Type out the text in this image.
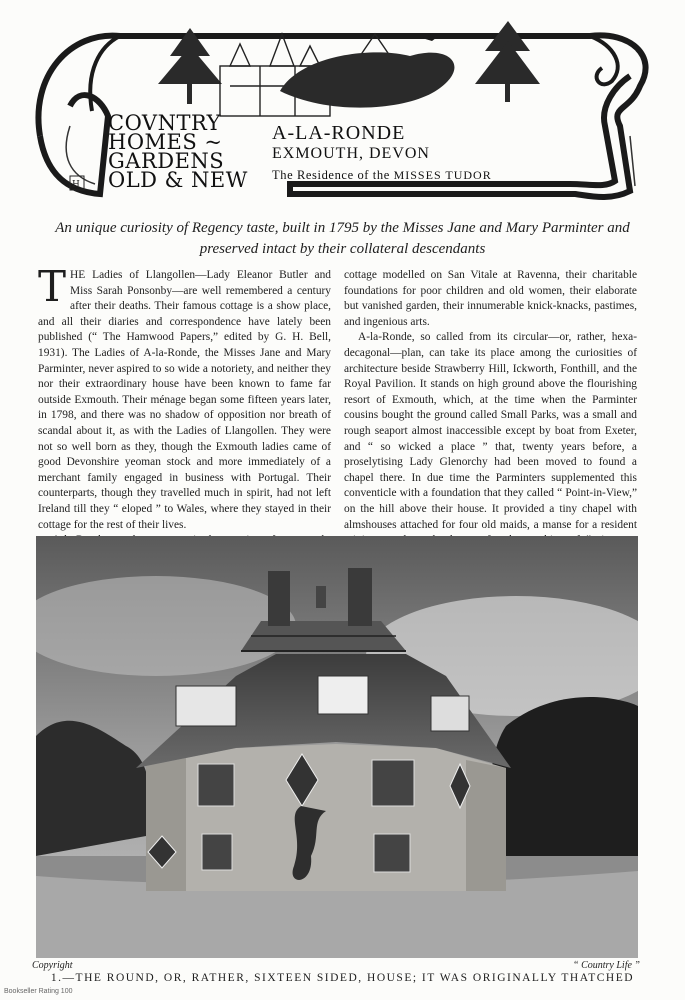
H
COVNTRY
HOMES ~
GARDENS
OLD & NEW
A-LA-RONDE
EXMOUTH, DEVON
The Residence of the MISSES TUDOR
An unique curiosity of Regency taste, built in 1795 by the Misses Jane and Mary Parminter and preserved intact by their collateral descendants

THE Ladies of Llangollen—Lady Eleanor Butler and Miss Sarah Ponsonby—are well remembered a century after their deaths. Their famous cottage is a show place, and all their diaries and correspondence have lately been published (“ The Hamwood Papers,” edited by G. H. Bell, 1931). The Ladies of A-la-Ronde, the Misses Jane and Mary Parminter, never aspired to so wide a notoriety, and neither they nor their extraordinary house have been known to fame far outside Exmouth. Their ménage began some fifteen years later, in 1798, and there was no shadow of opposition nor breath of scandal about it, as with the Ladies of Llangollen. They were not so well born as they, though the Exmouth ladies came of good Devonshire yeoman stock and more immediately of a merchant family engaged in business with Portugal. Their counterparts, though they travelled much in spirit, had not left Ireland till they “ eloped ” to Wales, where they stayed in their cottage for the rest of their lives.

cottage modelled on San Vitale at Ravenna, their charitable foundations for poor children and old women, their elaborate but vanished garden, their innumerable knick-knacks, pastimes, and ingenious arts.

A-la-Ronde, so called from its circular—or, rather, hexa-decagonal—plan, can take its place among the curiosities of architecture beside Strawberry Hill, Ickworth, Fonthill, and the Royal Pavilion. It stands on high ground above the flourishing resort of Exmouth, which, at the time when the Parminter cousins bought the ground called Small Parks, was a small and rough seaport almost inaccessible except by boat from Exeter, and “ so wicked a place ” that, twenty years before, a proselytising Lady Glenorchy had been moved to found a chapel there. In due time the Parminters supplemented this conventicle with a foundation that they called “ Point-in-View,” on the hill above their house. It provided a tiny chapel with almshouses attached for four old maids, a manse for a resident

Copyright	“ Country Life ”
1.—THE ROUND, OR, RATHER, SIXTEEN SIDED, HOUSE; IT WAS ORIGINALLY THATCHED
Bookseller Rating 100
